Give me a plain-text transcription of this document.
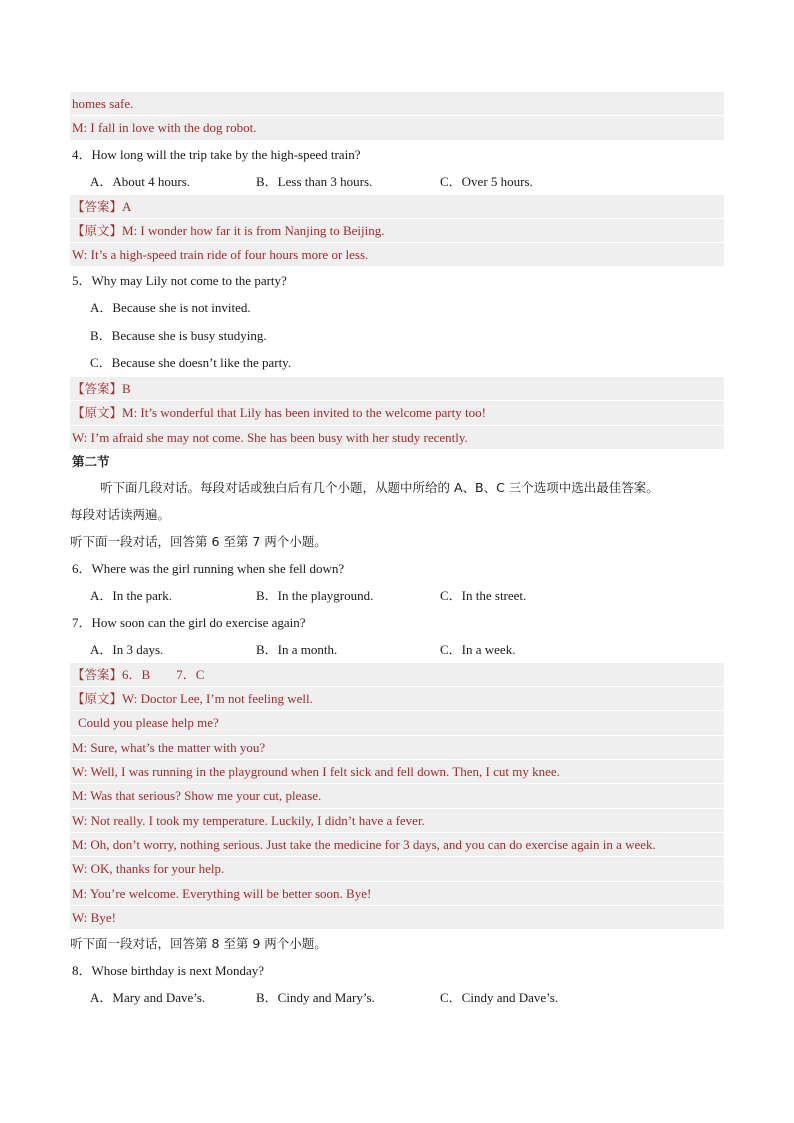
homes safe.
M: I fall in love with the dog robot.
4．How long will the trip take by the high-speed train?
A．About 4 hours.	B．Less than 3 hours.	C．Over 5 hours.
【答案】A
【原文】M: I wonder how far it is from Nanjing to Beijing.
W: It’s a high-speed train ride of four hours more or less.
5．Why may Lily not come to the party?
A．Because she is not invited.
B．Because she is busy studying.
C．Because she doesn’t like the party.
【答案】B
【原文】M: It’s wonderful that Lily has been invited to the welcome party too!
W: I’m afraid she may not come. She has been busy with her study recently.
第二节
听下面几段对话。每段对话或独白后有几个小题，从题中所给的 A、B、C 三个选项中选出最佳答案。
每段对话读两遍。
听下面一段对话，回答第 6 至第 7 两个小题。
6．Where was the girl running when she fell down?
A．In the park.	B．In the playground.	C．In the street.
7．How soon can the girl do exercise again?
A．In 3 days.	B．In a month.	C．In a week.
【答案】6．B 7．C
【原文】W: Doctor Lee, I’m not feeling well.
Could you please help me?
M: Sure, what’s the matter with you?
W: Well, I was running in the playground when I felt sick and fell down. Then, I cut my knee.
M: Was that serious? Show me your cut, please.
W: Not really. I took my temperature. Luckily, I didn’t have a fever.
M: Oh, don’t worry, nothing serious. Just take the medicine for 3 days, and you can do exercise again in a week.
W: OK, thanks for your help.
M: You’re welcome. Everything will be better soon. Bye!
W: Bye!
听下面一段对话，回答第 8 至第 9 两个小题。
8．Whose birthday is next Monday?
A．Mary and Dave’s.	B．Cindy and Mary’s.	C．Cindy and Dave’s.
